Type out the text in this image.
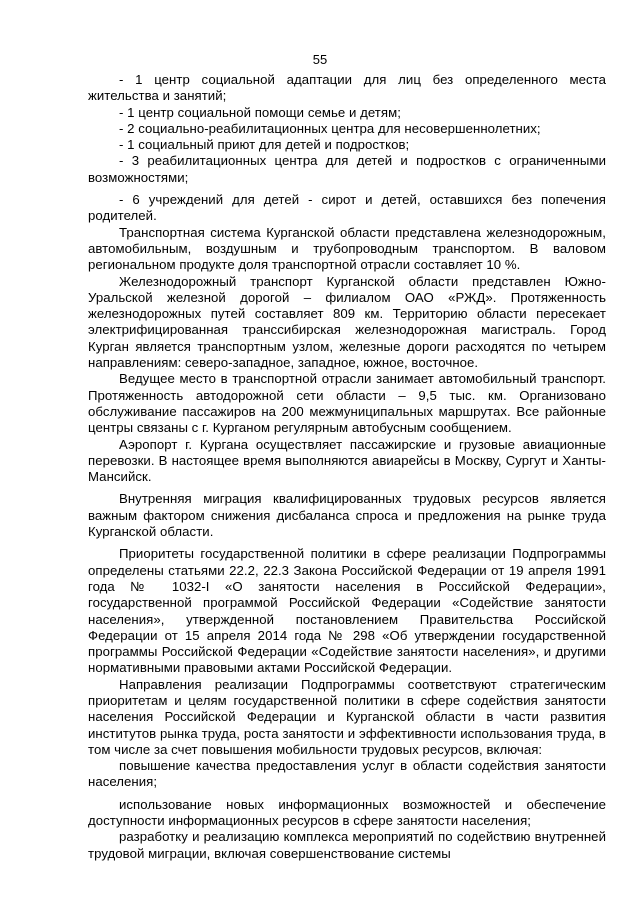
55

- 1 центр социальной адаптации для лиц без определенного места жительства и занятий;

- 1 центр социальной помощи семье и детям;

- 2 социально-реабилитационных центра для несовершеннолетних;

- 1 социальный приют для детей и подростков;

- 3 реабилитационных центра для детей и подростков с ограниченными возможностями;

- 6 учреждений для детей - сирот и детей, оставшихся без попечения родителей.

Транспортная система Курганской области представлена железнодорожным, автомобильным, воздушным и трубопроводным транспортом. В валовом региональном продукте доля транспортной отрасли составляет 10 %.

Железнодорожный транспорт Курганской области представлен Южно-Уральской железной дорогой – филиалом ОАО «РЖД». Протяженность железнодорожных путей составляет 809 км. Территорию области пересекает электрифицированная транссибирская железнодорожная магистраль. Город Курган является транспортным узлом, железные дороги расходятся по четырем направлениям: северо-западное, западное, южное, восточное.

Ведущее место в транспортной отрасли занимает автомобильный транспорт. Протяженность автодорожной сети области – 9,5 тыс. км. Организовано обслуживание пассажиров на 200 межмуниципальных маршрутах. Все районные центры связаны с г. Курганом регулярным автобусным сообщением.

Аэропорт г. Кургана осуществляет пассажирские и грузовые авиационные перевозки. В настоящее время выполняются авиарейсы в Москву, Сургут и Ханты-Мансийск.

Внутренняя миграция квалифицированных трудовых ресурсов является важным фактором снижения дисбаланса спроса и предложения на рынке труда Курганской области.

Приоритеты государственной политики в сфере реализации Подпрограммы определены статьями 22.2, 22.3 Закона Российской Федерации от 19 апреля 1991 года № 1032-I «О занятости населения в Российской Федерации», государственной программой Российской Федерации «Содействие занятости населения», утвержденной постановлением Правительства Российской Федерации от 15 апреля 2014 года № 298 «Об утверждении государственной программы Российской Федерации «Содействие занятости населения», и другими нормативными правовыми актами Российской Федерации.

Направления реализации Подпрограммы соответствуют стратегическим приоритетам и целям государственной политики в сфере содействия занятости населения Российской Федерации и Курганской области в части развития институтов рынка труда, роста занятости и эффективности использования труда, в том числе за счет повышения мобильности трудовых ресурсов, включая:

повышение качества предоставления услуг в области содействия занятости населения;

использование новых информационных возможностей и обеспечение доступности информационных ресурсов в сфере занятости населения;

разработку и реализацию комплекса мероприятий по содействию внутренней трудовой миграции, включая совершенствование системы
